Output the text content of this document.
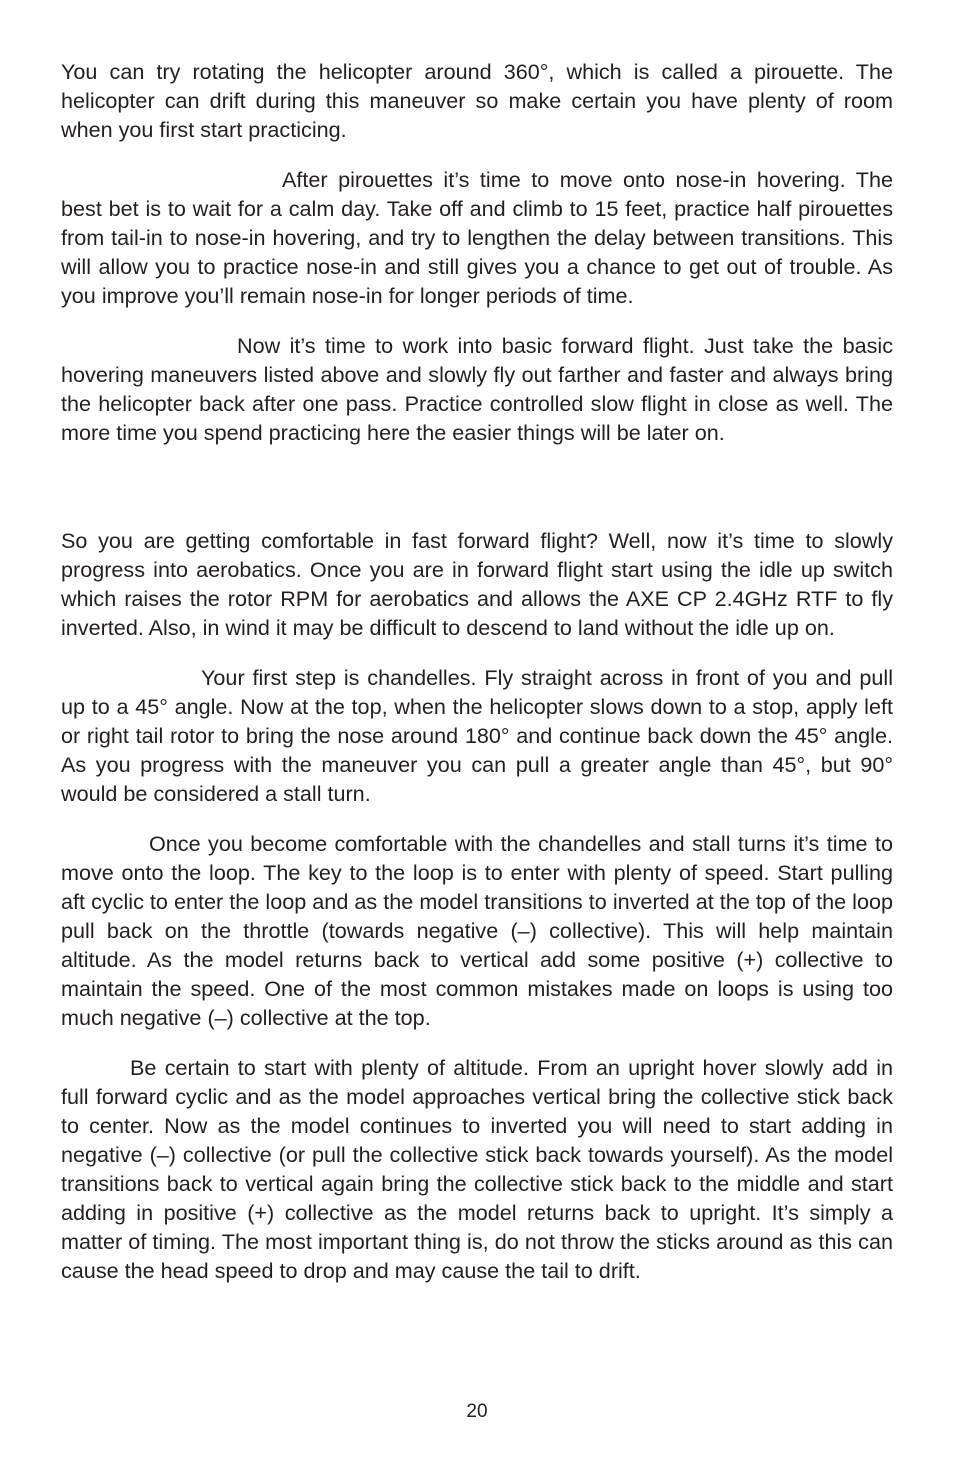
You can try rotating the helicopter around 360°, which is called a pirouette. The helicopter can drift during this maneuver so make certain you have plenty of room when you first start practicing.

After pirouettes it’s time to move onto nose-in hovering. The best bet is to wait for a calm day. Take off and climb to 15 feet, practice half pirouettes from tail-in to nose-in hovering, and try to lengthen the delay between transitions. This will allow you to practice nose-in and still gives you a chance to get out of trouble. As you improve you’ll remain nose-in for longer periods of time.

Now it’s time to work into basic forward flight. Just take the basic hovering maneuvers listed above and slowly fly out farther and faster and always bring the helicopter back after one pass. Practice controlled slow flight in close as well. The more time you spend practicing here the easier things will be later on.

So you are getting comfortable in fast forward flight? Well, now it’s time to slowly progress into aerobatics. Once you are in forward flight start using the idle up switch which raises the rotor RPM for aerobatics and allows the AXE CP 2.4GHz RTF to fly inverted. Also, in wind it may be difficult to descend to land without the idle up on.

Your first step is chandelles. Fly straight across in front of you and pull up to a 45° angle. Now at the top, when the helicopter slows down to a stop, apply left or right tail rotor to bring the nose around 180° and continue back down the 45° angle. As you progress with the maneuver you can pull a greater angle than 45°, but 90° would be considered a stall turn.

Once you become comfortable with the chandelles and stall turns it’s time to move onto the loop. The key to the loop is to enter with plenty of speed. Start pulling aft cyclic to enter the loop and as the model transitions to inverted at the top of the loop pull back on the throttle (towards negative (–) collective). This will help maintain altitude. As the model returns back to vertical add some positive (+) collective to maintain the speed. One of the most common mistakes made on loops is using too much negative (–) collective at the top.

Be certain to start with plenty of altitude. From an upright hover slowly add in full forward cyclic and as the model approaches vertical bring the collective stick back to center. Now as the model continues to inverted you will need to start adding in negative (–) collective (or pull the collective stick back towards yourself). As the model transitions back to vertical again bring the collective stick back to the middle and start adding in positive (+) collective as the model returns back to upright. It’s simply a matter of timing. The most important thing is, do not throw the sticks around as this can cause the head speed to drop and may cause the tail to drift.

20
